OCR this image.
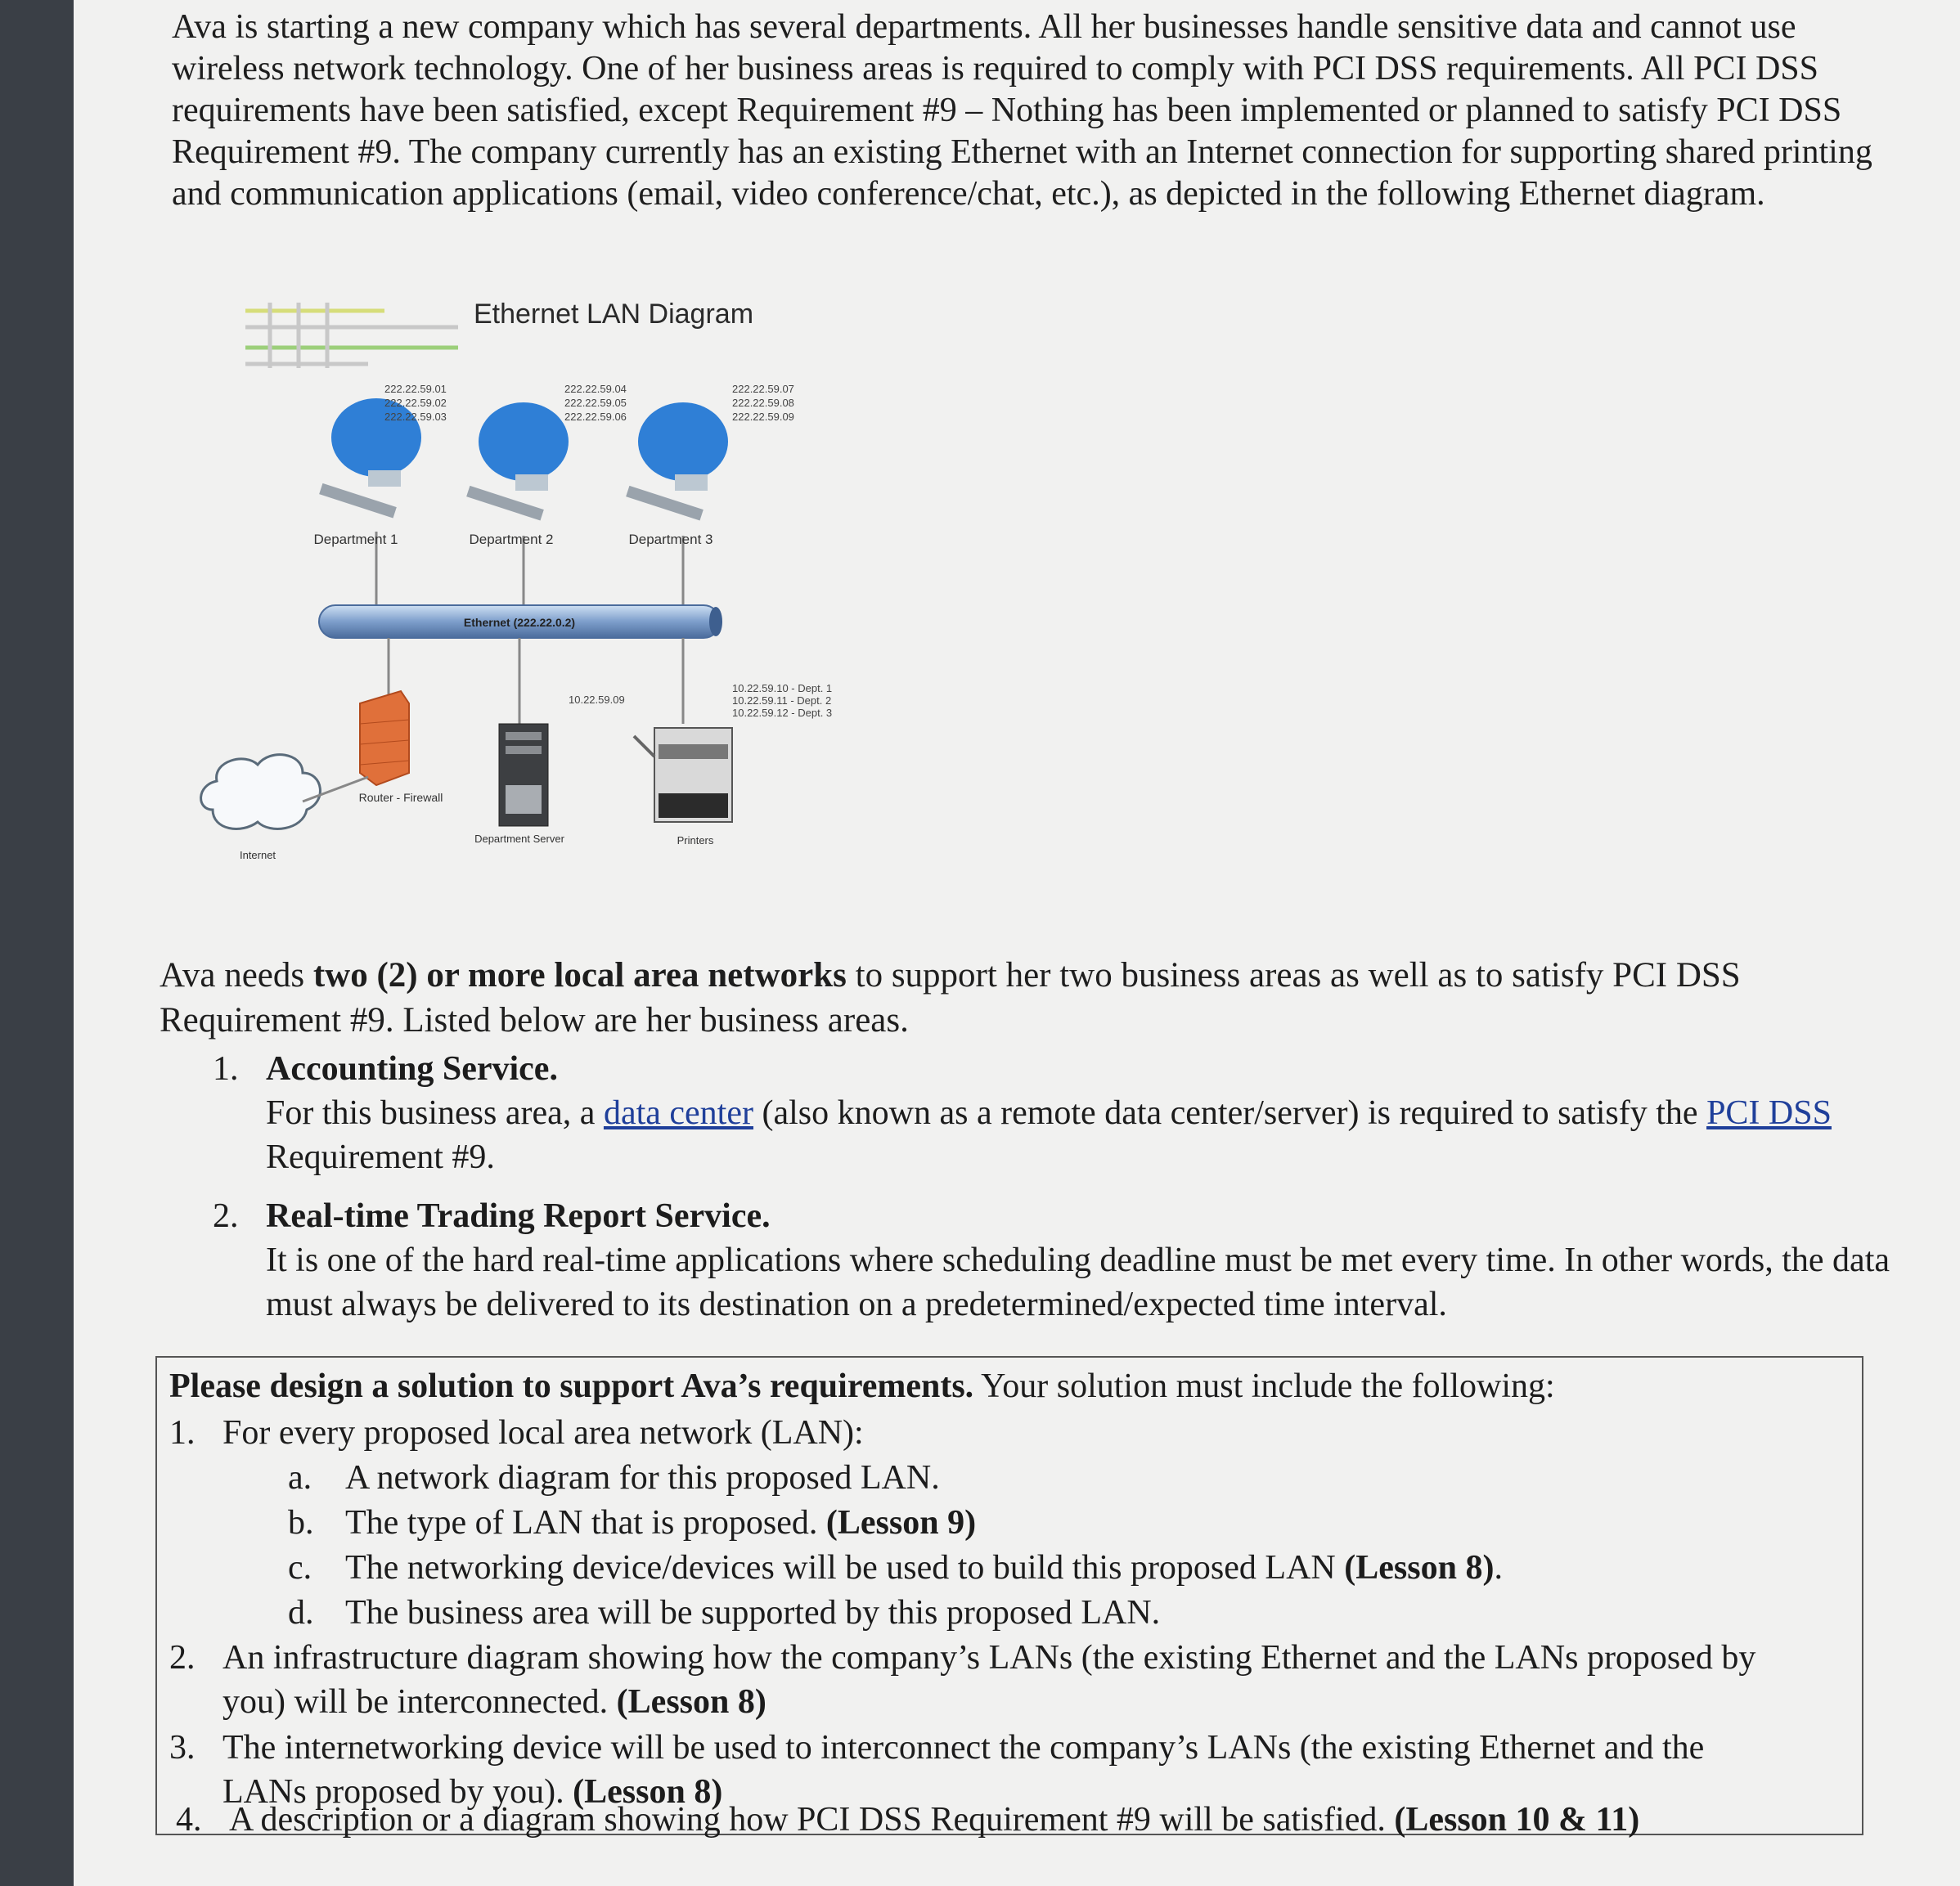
Ava is starting a new company which has several departments. All her businesses handle sensitive data and cannot use wireless network technology. One of her business areas is required to comply with PCI DSS requirements. All PCI DSS requirements have been satisfied, except Requirement #9 – Nothing has been implemented or planned to satisfy PCI DSS Requirement #9. The company currently has an existing Ethernet with an Internet connection for supporting shared printing and communication applications (email, video conference/chat, etc.), as depicted in the following Ethernet diagram.
Ethernet LAN Diagram
Department 1
222.22.59.01
222.22.59.02
222.22.59.03
Department 2
222.22.59.04
222.22.59.05
222.22.59.06
Department 3
222.22.59.07
222.22.59.08
222.22.59.09
Ethernet (222.22.0.2)
Router - Firewall
Internet
10.22.59.09
Department Server
10.22.59.10 - Dept. 1
10.22.59.11 - Dept. 2
10.22.59.12 - Dept. 3
Printers
Ava needs two (2) or more local area networks to support her two business areas as well as to satisfy PCI DSS Requirement #9. Listed below are her business areas.
1. Accounting Service.
For this business area, a data center (also known as a remote data center/server) is required to satisfy the PCI DSS Requirement #9.
2. Real-time Trading Report Service.
It is one of the hard real-time applications where scheduling deadline must be met every time. In other words, the data must always be delivered to its destination on a predetermined/expected time interval.
Please design a solution to support Ava’s requirements. Your solution must include the following:
1. For every proposed local area network (LAN):
a. A network diagram for this proposed LAN.
b. The type of LAN that is proposed. (Lesson 9)
c. The networking device/devices will be used to build this proposed LAN (Lesson 8).
d. The business area will be supported by this proposed LAN.
2. An infrastructure diagram showing how the company’s LANs (the existing Ethernet and the LANs proposed by you) will be interconnected. (Lesson 8)
3. The internetworking device will be used to interconnect the company’s LANs (the existing Ethernet and the LANs proposed by you). (Lesson 8)
4. A description or a diagram showing how PCI DSS Requirement #9 will be satisfied. (Lesson 10 & 11)
